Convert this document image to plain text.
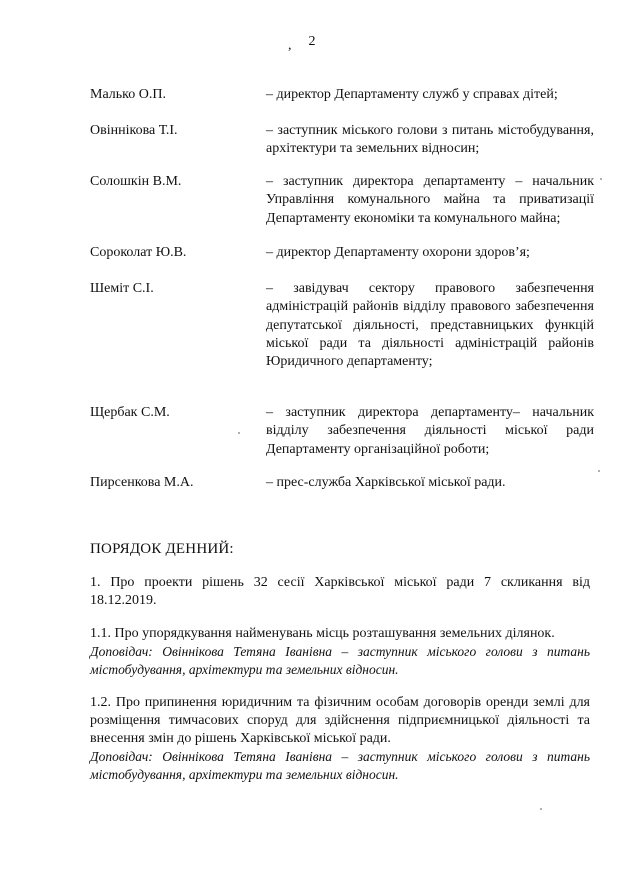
2
,
Малько О.П.	– директор Департаменту служб у справах дітей;
Овіннікова Т.І.	– заступник міського голови з питань містобудування, архітектури та земельних відносин;
Солошкін В.М.	– заступник директора департаменту – начальник Управління комунального майна та приватизації Департаменту економіки та комунального майна;
Сороколат Ю.В.	– директор Департаменту охорони здоров’я;
Шеміт С.І.	– завідувач сектору правового забезпечення адміністрацій районів відділу правового забезпечення депутатської діяльності, представницьких функцій міської ради та діяльності адміністрацій районів Юридичного департаменту;
Щербак С.М.	– заступник директора департаменту– начальник відділу забезпечення діяльності міської ради Департаменту організаційної роботи;
Пирсенкова М.А.	– прес-служба Харківської міської ради.
ПОРЯДОК ДЕННИЙ:
1. Про проекти рішень 32 сесії Харківської міської ради 7 скликання від 18.12.2019.
1.1. Про упорядкування найменувань місць розташування земельних ділянок.
Доповідач: Овіннікова Тетяна Іванівна – заступник міського голови з питань містобудування, архітектури та земельних відносин.
1.2. Про припинення юридичним та фізичним особам договорів оренди землі для розміщення тимчасових споруд для здійснення підприємницької діяльності та внесення змін до рішень Харківської міської ради.
Доповідач: Овіннікова Тетяна Іванівна – заступник міського голови з питань містобудування, архітектури та земельних відносин.
